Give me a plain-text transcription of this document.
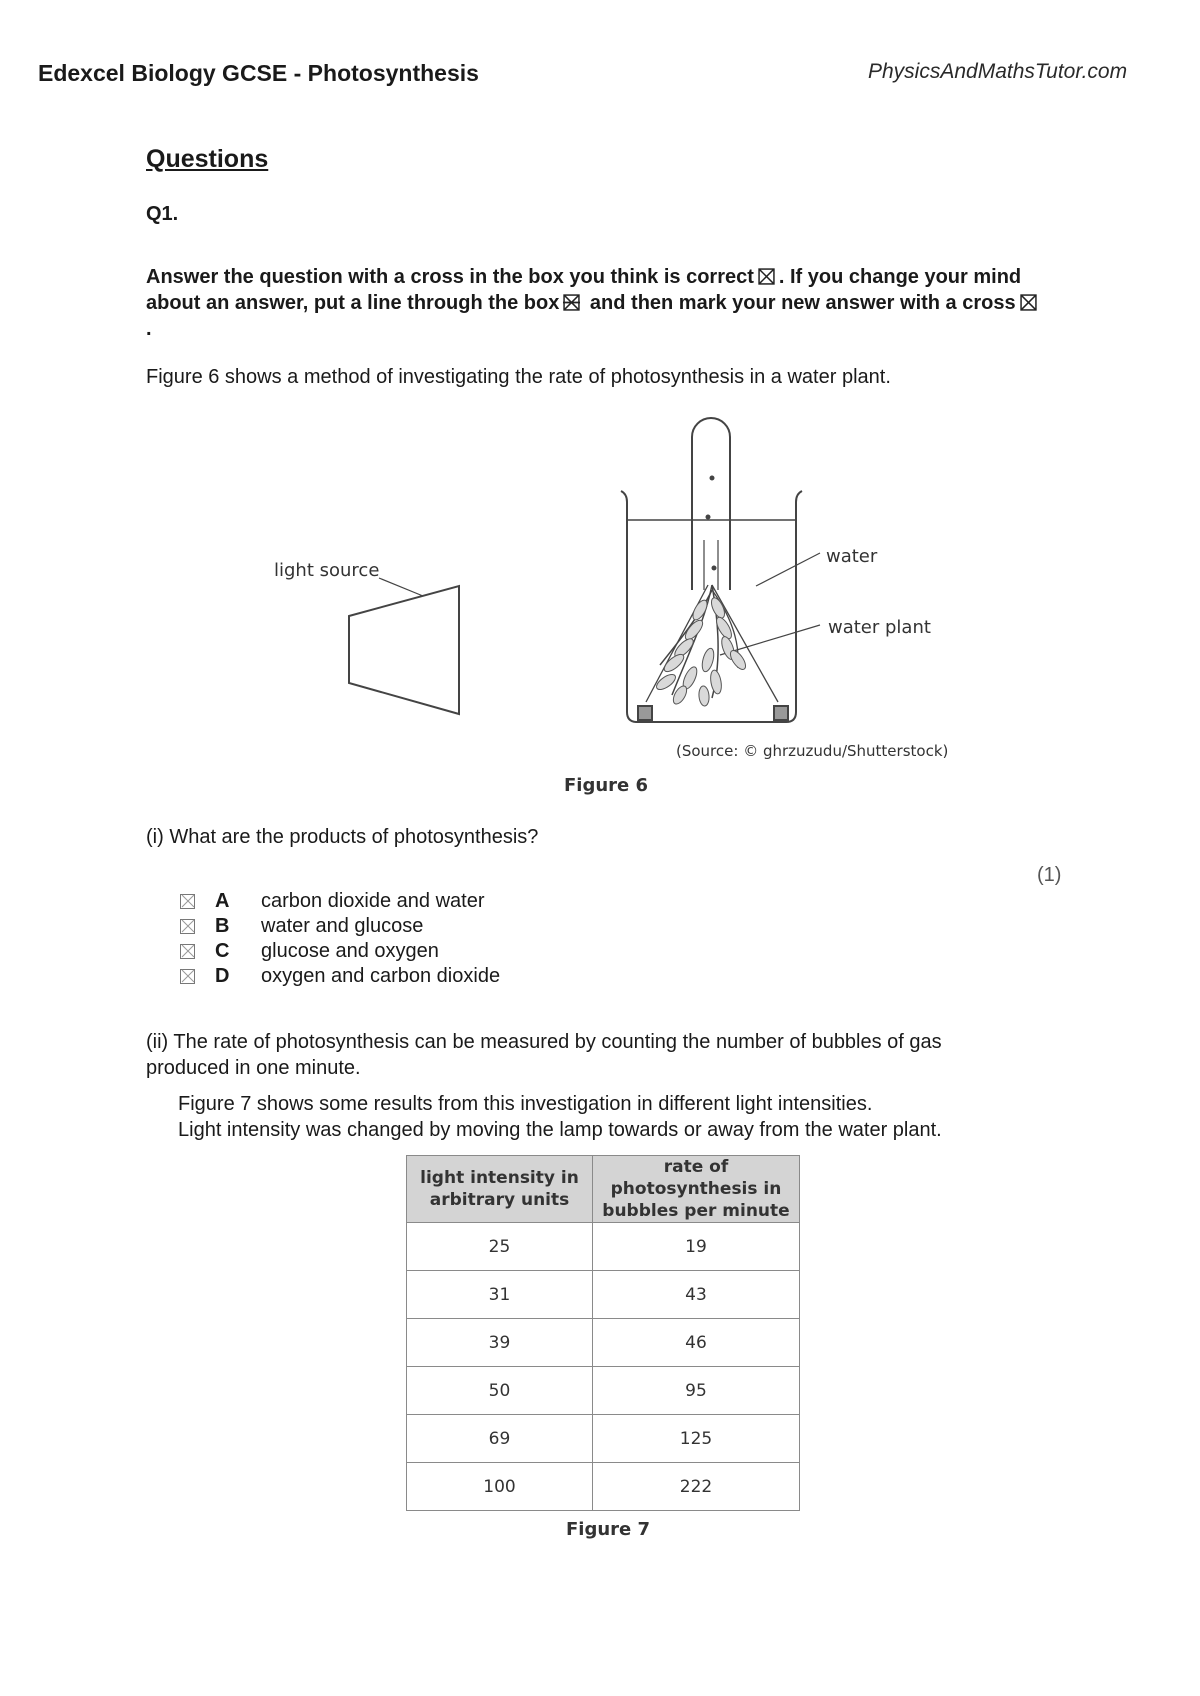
Edexcel Biology GCSE - Photosynthesis	PhysicsAndMathsTutor.com
Questions
Q1.
Answer the question with a cross in the box you think is correct ☒ . If you change your mind about an answer, put a line through the box and then mark your new answer with a cross.
Figure 6 shows a method of investigating the rate of photosynthesis in a water plant.
light source
water
water plant
(Source: © ghrzuzudu/Shutterstock)
Figure 6
(i) What are the products of photosynthesis?
(1)
A	carbon dioxide and water
B	water and glucose
C	glucose and oxygen
D	oxygen and carbon dioxide
(ii) The rate of photosynthesis can be measured by counting the number of bubbles of gas
produced in one minute.
Figure 7 shows some results from this investigation in different light intensities.
Light intensity was changed by moving the lamp towards or away from the water plant.
light intensity in arbitrary units	rate of photosynthesis in bubbles per minute
25	19
31	43
39	46
50	95
69	125
100	222
Figure 7
